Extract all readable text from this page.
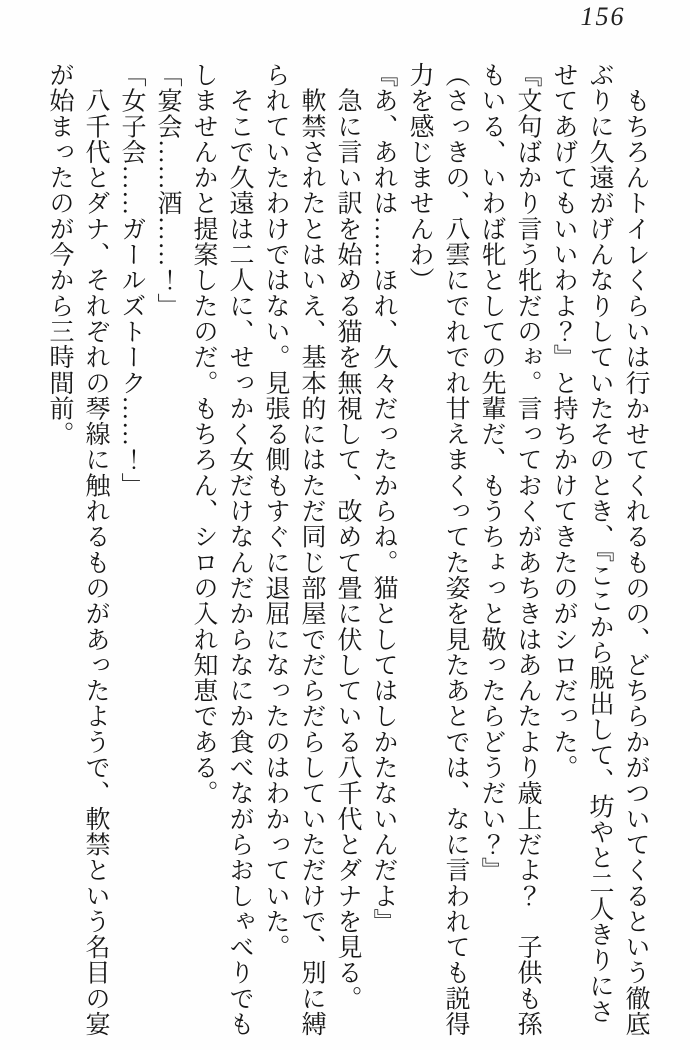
156
　もちろんトイレくらいは行かせてくれるものの、どちらかがついてくるという徹底
ぶりに久遠がげんなりしていたそのとき、『ここから脱出して、坊やと二人きりにさ
せてあげてもいいわよ？』と持ちかけてきたのがシロだった。
『文句ばかり言う牝だのぉ。言っておくがあちきはあんたより歳上だよ？　子供も孫
もいる、いわば牝としての先輩だ、もうちょっと敬ったらどうだい？』
（さっきの、八雲にでれでれ甘えまくってた姿を見たあとでは、なに言われても説得
力を感じませんわ）
『あ、あれは……ほれ、久々だったからね。猫としてはしかたないんだよ』
　急に言い訳を始める猫を無視して、改めて畳に伏している八千代とダナを見る。
　軟禁されたとはいえ、基本的にはただ同じ部屋でだらだらしていただけで、別に縛
られていたわけではない。見張る側もすぐに退屈になったのはわかっていた。
　そこで久遠は二人に、せっかく女だけなんだからなにか食べながらおしゃべりでも
しませんかと提案したのだ。もちろん、シロの入れ知恵である。
「宴会……酒……！」
「女子会……ガールズトーク……！」
　八千代とダナ、それぞれの琴線に触れるものがあったようで、軟禁という名目の宴
が始まったのが今から三時間前。
